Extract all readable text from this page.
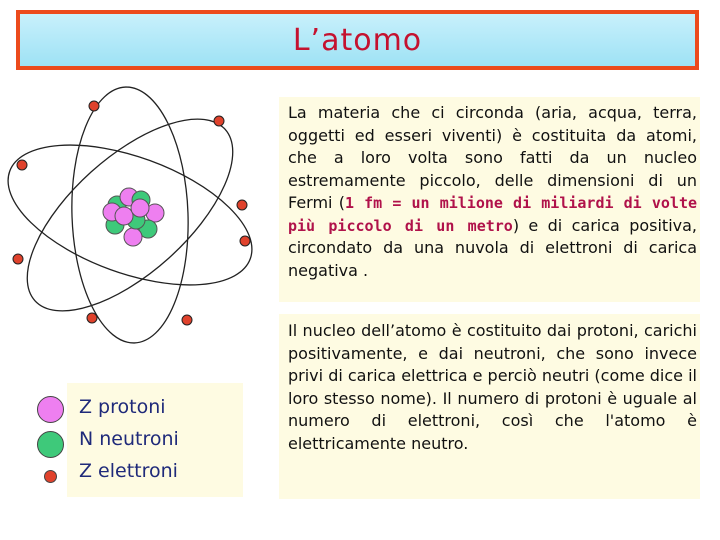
L’atomo
La materia che ci circonda (aria, acqua, terra, oggetti ed esseri viventi) è costituita da atomi, che a loro volta sono fatti da un nucleo estremamente piccolo, delle dimensioni di un Fermi (1 fm = un milione di miliardi di volte più piccolo di un metro) e di carica positiva, circondato da una nuvola di elettroni di carica negativa .
Il nucleo dell’atomo è costituito dai protoni, carichi positivamente, e dai neutroni, che sono invece privi di carica elettrica e perciò neutri (come dice il loro stesso nome). Il numero di protoni è uguale al numero di elettroni, così che l'atomo è elettricamente neutro.
Z protoni
N neutroni
Z elettroni
